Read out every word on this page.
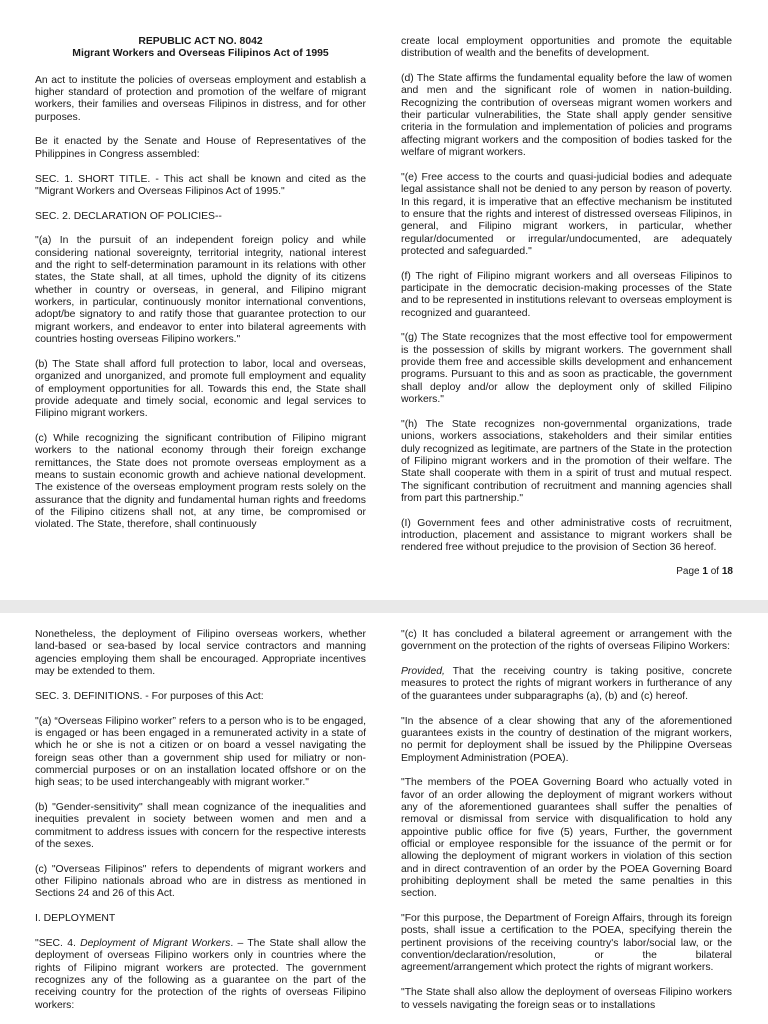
REPUBLIC ACT NO. 8042
Migrant Workers and Overseas Filipinos Act of 1995

An act to institute the policies of overseas employment and establish a higher standard of protection and promotion of the welfare of migrant workers, their families and overseas Filipinos in distress, and for other purposes.

Be it enacted by the Senate and House of Representatives of the Philippines in Congress assembled:

SEC. 1. SHORT TITLE. - This act shall be known and cited as the "Migrant Workers and Overseas Filipinos Act of 1995."

SEC. 2. DECLARATION OF POLICIES--

"(a) In the pursuit of an independent foreign policy and while considering national sovereignty, territorial integrity, national interest and the right to self-determination paramount in its relations with other states, the State shall, at all times, uphold the dignity of its citizens whether in country or overseas, in general, and Filipino migrant workers, in particular, continuously monitor international conventions, adopt/be signatory to and ratify those that guarantee protection to our migrant workers, and endeavor to enter into bilateral agreements with countries hosting overseas Filipino workers."

(b) The State shall afford full protection to labor, local and overseas, organized and unorganized, and promote full employment and equality of employment opportunities for all. Towards this end, the State shall provide adequate and timely social, economic and legal services to Filipino migrant workers.

(c) While recognizing the significant contribution of Filipino migrant workers to the national economy through their foreign exchange remittances, the State does not promote overseas employment as a means to sustain economic growth and achieve national development. The existence of the overseas employment program rests solely on the assurance that the dignity and fundamental human rights and freedoms of the Filipino citizens shall not, at any time, be compromised or violated. The State, therefore, shall continuously

create local employment opportunities and promote the equitable distribution of wealth and the benefits of development.

(d) The State affirms the fundamental equality before the law of women and men and the significant role of women in nation-building. Recognizing the contribution of overseas migrant women workers and their particular vulnerabilities, the State shall apply gender sensitive criteria in the formulation and implementation of policies and programs affecting migrant workers and the composition of bodies tasked for the welfare of migrant workers.

"(e) Free access to the courts and quasi-judicial bodies and adequate legal assistance shall not be denied to any person by reason of poverty. In this regard, it is imperative that an effective mechanism be instituted to ensure that the rights and interest of distressed overseas Filipinos, in general, and Filipino migrant workers, in particular, whether regular/documented or irregular/undocumented, are adequately protected and safeguarded."

(f) The right of Filipino migrant workers and all overseas Filipinos to participate in the democratic decision-making processes of the State and to be represented in institutions relevant to overseas employment is recognized and guaranteed.

"(g) The State recognizes that the most effective tool for empowerment is the possession of skills by migrant workers. The government shall provide them free and accessible skills development and enhancement programs. Pursuant to this and as soon as practicable, the government shall deploy and/or allow the deployment only of skilled Filipino workers."

"(h) The State recognizes non-governmental organizations, trade unions, workers associations, stakeholders and their similar entities duly recognized as legitimate, are partners of the State in the protection of Filipino migrant workers and in the promotion of their welfare. The State shall cooperate with them in a spirit of trust and mutual respect. The significant contribution of recruitment and manning agencies shall from part this partnership."

(I) Government fees and other administrative costs of recruitment, introduction, placement and assistance to migrant workers shall be rendered free without prejudice to the provision of Section 36 hereof.

Page 1 of 18

Nonetheless, the deployment of Filipino overseas workers, whether land-based or sea-based by local service contractors and manning agencies employing them shall be encouraged. Appropriate incentives may be extended to them.

SEC. 3. DEFINITIONS. - For purposes of this Act:

"(a) “Overseas Filipino worker” refers to a person who is to be engaged, is engaged or has been engaged in a remunerated activity in a state of which he or she is not a citizen or on board a vessel navigating the foreign seas other than a government ship used for miliatry or non-commercial purposes or on an installation located offshore or on the high seas; to be used interchangeably with migrant worker."

(b) "Gender-sensitivity" shall mean cognizance of the inequalities and inequities prevalent in society between women and men and a commitment to address issues with concern for the respective interests of the sexes.

(c) "Overseas Filipinos" refers to dependents of migrant workers and other Filipino nationals abroad who are in distress as mentioned in Sections 24 and 26 of this Act.

I. DEPLOYMENT

"SEC. 4. Deployment of Migrant Workers. – The State shall allow the deployment of overseas Filipino workers only in countries where the rights of Filipino migrant workers are protected. The government recognizes any of the following as a guarantee on the part of the receiving country for the protection of the rights of overseas Filipino workers:

"(c) It has concluded a bilateral agreement or arrangement with the government on the protection of the rights of overseas Filipino Workers:

Provided, That the receiving country is taking positive, concrete measures to protect the rights of migrant workers in furtherance of any of the guarantees under subparagraphs (a), (b) and (c) hereof.

"In the absence of a clear showing that any of the aforementioned guarantees exists in the country of destination of the migrant workers, no permit for deployment shall be issued by the Philippine Overseas Employment Administration (POEA).

"The members of the POEA Governing Board who actually voted in favor of an order allowing the deployment of migrant workers without any of the aforementioned guarantees shall suffer the penalties of removal or dismissal from service with disqualification to hold any appointive public office for five (5) years, Further, the government official or employee responsible for the issuance of the permit or for allowing the deployment of migrant workers in violation of this section and in direct contravention of an order by the POEA Governing Board prohibiting deployment shall be meted the same penalties in this section.

"For this purpose, the Department of Foreign Affairs, through its foreign posts, shall issue a certification to the POEA, specifying therein the pertinent provisions of the receiving country's labor/social law, or the convention/declaration/resolution, or the bilateral agreement/arrangement which protect the rights of migrant workers.

"The State shall also allow the deployment of overseas Filipino workers to vessels navigating the foreign seas or to installations
